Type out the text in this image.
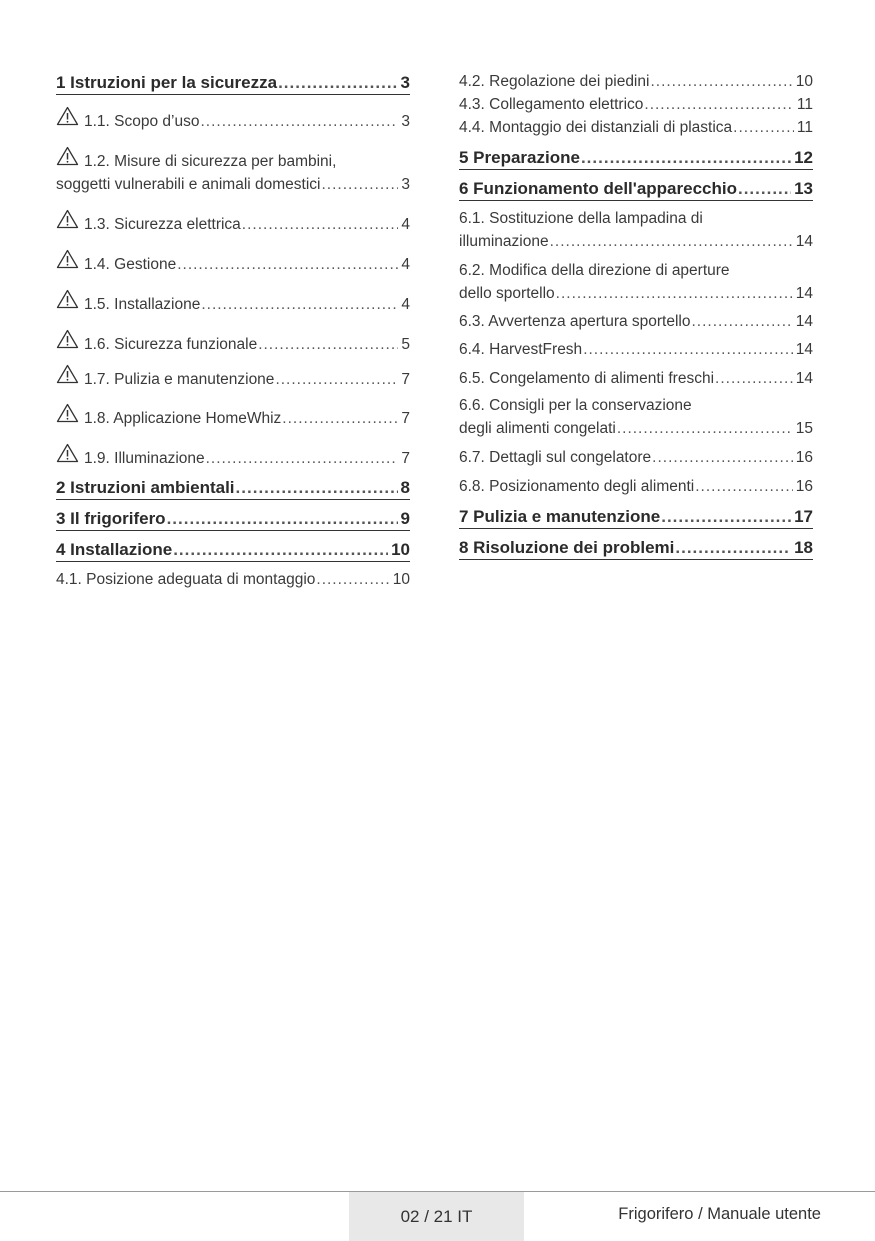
1 Istruzioni per la sicurezza .....	3
1.1. Scopo d’uso .....	3
1.2. Misure di sicurezza per bambini,
soggetti vulnerabili e animali domestici .....	3
1.3. Sicurezza elettrica .....	4
1.4. Gestione .....	4
1.5. Installazione .....	4
1.6. Sicurezza funzionale .....	5
1.7. Pulizia e manutenzione .....	7
1.8. Applicazione HomeWhiz .....	7
1.9. Illuminazione .....	7
2 Istruzioni ambientali .....	8
3 Il frigorifero .....	9
4 Installazione .....	10
4.1. Posizione adeguata di montaggio .....	10
4.2. Regolazione dei piedini .....	10
4.3. Collegamento elettrico .....	11
4.4. Montaggio dei distanziali di plastica .....	11
5 Preparazione .....	12
6 Funzionamento dell'apparecchio .....	13
6.1. Sostituzione della lampadina di
illuminazione .....	14
6.2. Modifica della direzione di aperture
dello sportello .....	14
6.3. Avvertenza apertura sportello .....	14
6.4. HarvestFresh .....	14
6.5. Congelamento di alimenti freschi .....	14
6.6. Consigli per la conservazione
degli alimenti congelati .....	15
6.7. Dettagli sul congelatore .....	16
6.8. Posizionamento degli alimenti .....	16
7 Pulizia e manutenzione .....	17
8 Risoluzione dei problemi .....	18
02 / 21 IT	Frigorifero / Manuale utente
